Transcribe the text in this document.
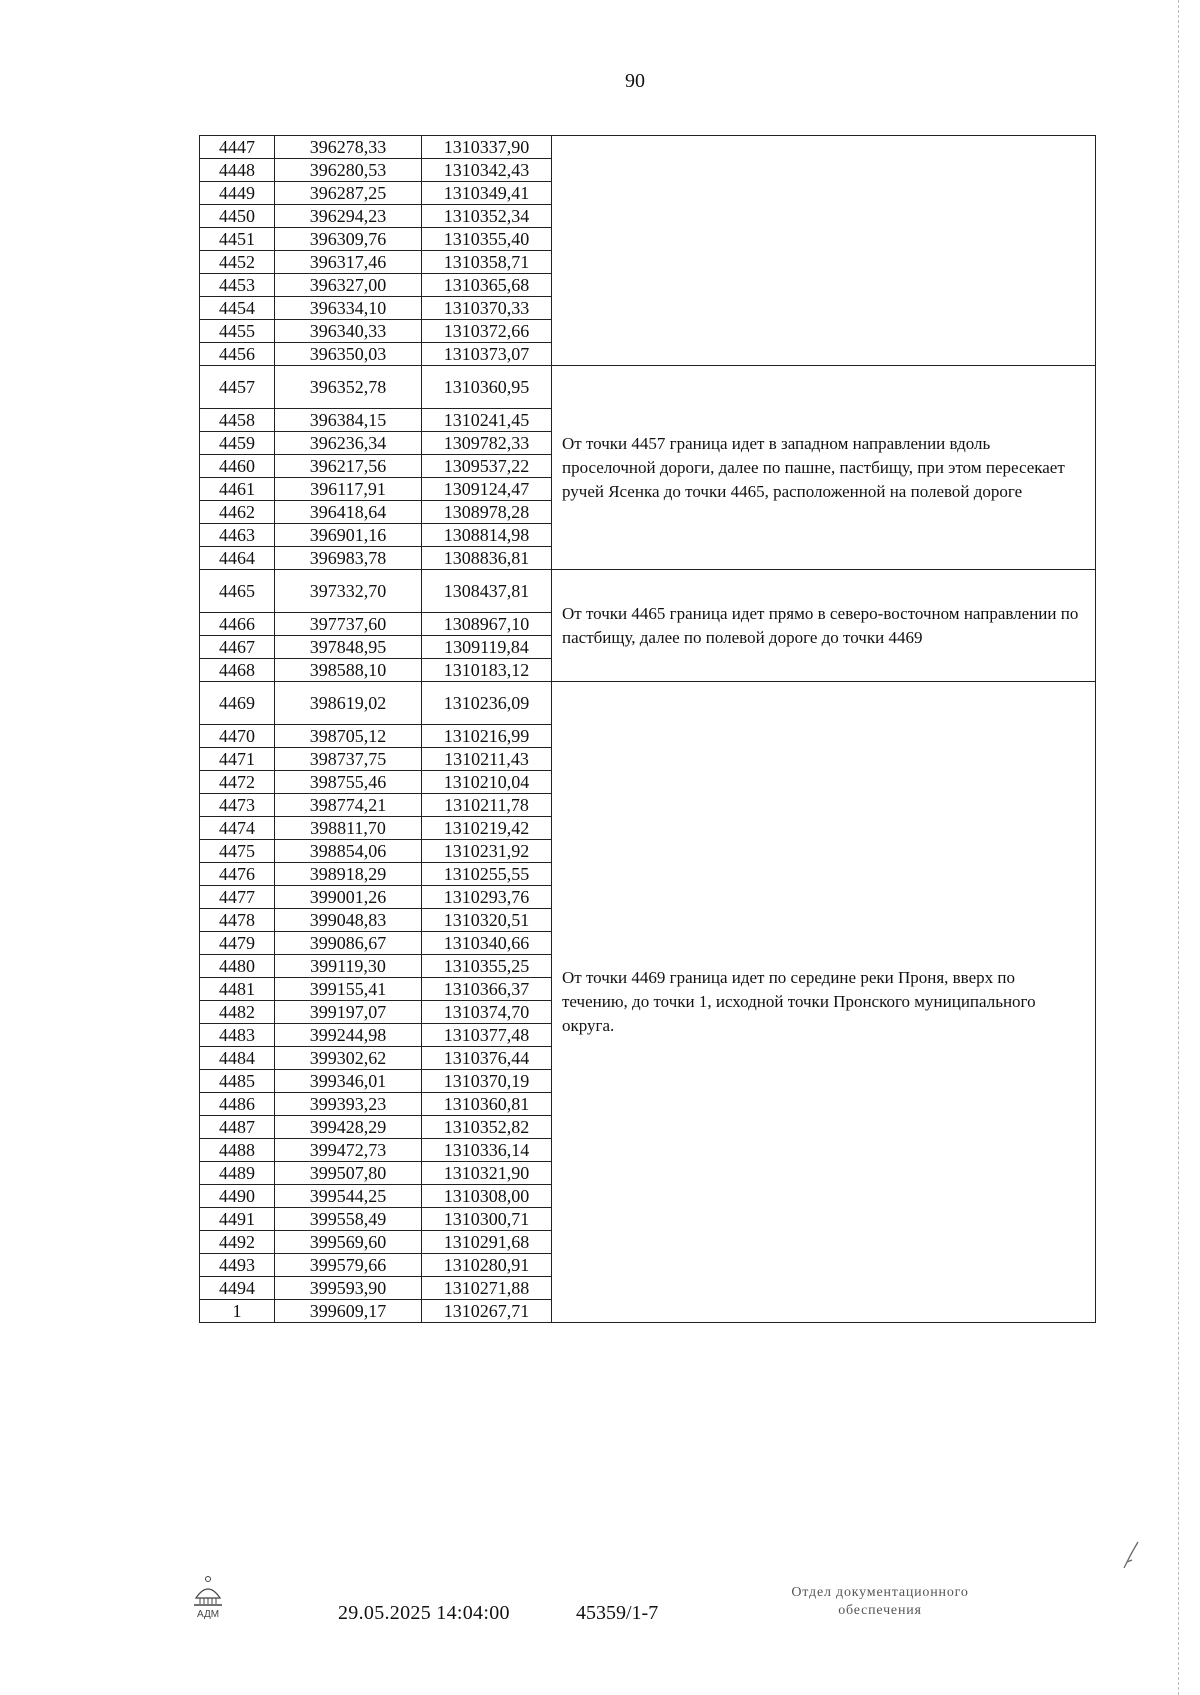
90
4447	396278,33	1310337,90	
4448	396280,53	1310342,43	
4449	396287,25	1310349,41	
4450	396294,23	1310352,34	
4451	396309,76	1310355,40	
4452	396317,46	1310358,71	
4453	396327,00	1310365,68	
4454	396334,10	1310370,33	
4455	396340,33	1310372,66	
4456	396350,03	1310373,07	
4457	396352,78	1310360,95	От точки 4457 граница идет в западном направлении вдоль проселочной дороги, далее по пашне, пастбищу, при этом пересекает ручей Ясенка до точки 4465, расположенной на полевой дороге
4458	396384,15	1310241,45	
4459	396236,34	1309782,33	
4460	396217,56	1309537,22	
4461	396117,91	1309124,47	
4462	396418,64	1308978,28	
4463	396901,16	1308814,98	
4464	396983,78	1308836,81	
4465	397332,70	1308437,81	От точки 4465 граница идет прямо в северо-восточном направлении по пастбищу, далее по полевой дороге до точки 4469
4466	397737,60	1308967,10	
4467	397848,95	1309119,84	
4468	398588,10	1310183,12	
4469	398619,02	1310236,09	От точки 4469 граница идет по середине реки Проня, вверх по течению, до точки 1, исходной точки Пронского муниципального округа.
4470	398705,12	1310216,99	
4471	398737,75	1310211,43	
4472	398755,46	1310210,04	
4473	398774,21	1310211,78	
4474	398811,70	1310219,42	
4475	398854,06	1310231,92	
4476	398918,29	1310255,55	
4477	399001,26	1310293,76	
4478	399048,83	1310320,51	
4479	399086,67	1310340,66	
4480	399119,30	1310355,25	
4481	399155,41	1310366,37	
4482	399197,07	1310374,70	
4483	399244,98	1310377,48	
4484	399302,62	1310376,44	
4485	399346,01	1310370,19	
4486	399393,23	1310360,81	
4487	399428,29	1310352,82	
4488	399472,73	1310336,14	
4489	399507,80	1310321,90	
4490	399544,25	1310308,00	
4491	399558,49	1310300,71	
4492	399569,60	1310291,68	
4493	399579,66	1310280,91	
4494	399593,90	1310271,88	
1	399609,17	1310267,71	
АДМ	29.05.2025 14:04:00	45359/1-7
Отдел документационного
обеспечения
